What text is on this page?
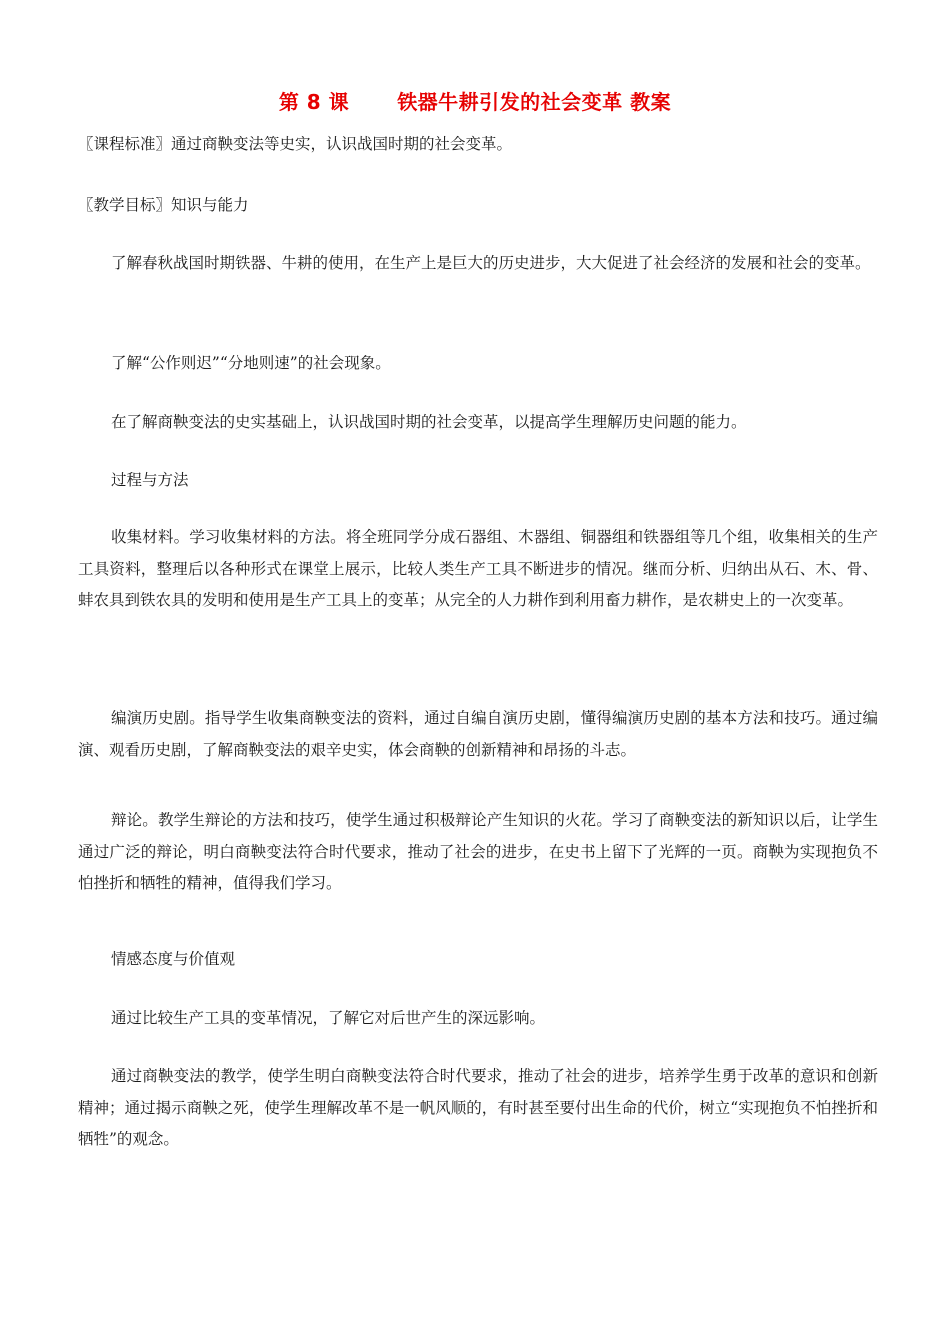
第 8 课 铁器牛耕引发的社会变革 教案
〖课程标准〗通过商鞅变法等史实，认识战国时期的社会变革。
〖教学目标〗知识与能力
了解春秋战国时期铁器、牛耕的使用，在生产上是巨大的历史进步，大大促进了社会经济的发展和社会的变革。
了解“公作则迟”“分地则速”的社会现象。
在了解商鞅变法的史实基础上，认识战国时期的社会变革，以提高学生理解历史问题的能力。
过程与方法
收集材料。学习收集材料的方法。将全班同学分成石器组、木器组、铜器组和铁器组等几个组，收集相关的生产工具资料，整理后以各种形式在课堂上展示，比较人类生产工具不断进步的情况。继而分析、归纳出从石、木、骨、蚌农具到铁农具的发明和使用是生产工具上的变革；从完全的人力耕作到利用畜力耕作，是农耕史上的一次变革。
编演历史剧。指导学生收集商鞅变法的资料，通过自编自演历史剧，懂得编演历史剧的基本方法和技巧。通过编演、观看历史剧，了解商鞅变法的艰辛史实，体会商鞅的创新精神和昂扬的斗志。
辩论。教学生辩论的方法和技巧，使学生通过积极辩论产生知识的火花。学习了商鞅变法的新知识以后，让学生通过广泛的辩论，明白商鞅变法符合时代要求，推动了社会的进步，在史书上留下了光辉的一页。商鞅为实现抱负不怕挫折和牺牲的精神，值得我们学习。
情感态度与价值观
通过比较生产工具的变革情况，了解它对后世产生的深远影响。
通过商鞅变法的教学，使学生明白商鞅变法符合时代要求，推动了社会的进步，培养学生勇于改革的意识和创新精神；通过揭示商鞅之死，使学生理解改革不是一帆风顺的，有时甚至要付出生命的代价，树立“实现抱负不怕挫折和牺牲”的观念。
